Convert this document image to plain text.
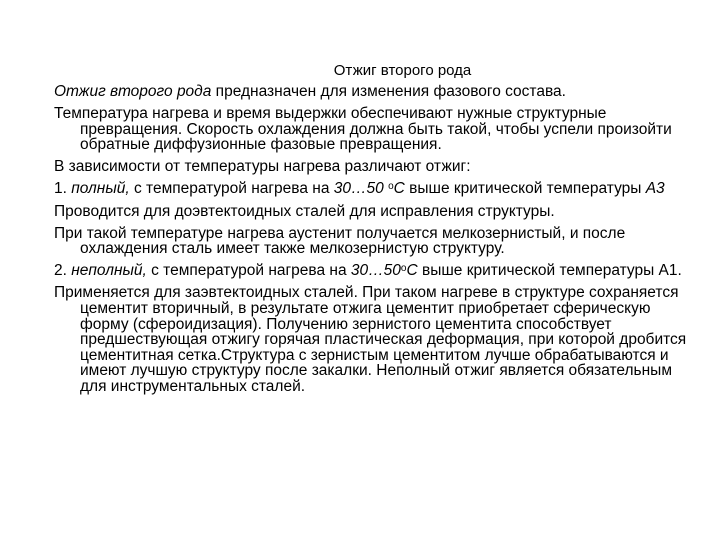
Отжиг второго рода

Отжиг второго рода предназначен для изменения фазового состава.

Температура нагрева и время выдержки обеспечивают нужные структурные превращения. Скорость охлаждения должна быть такой, чтобы успели произойти обратные диффузионные фазовые превращения.

В зависимости от температуры нагрева различают отжиг:

1. полный, с температурой нагрева на 30…50 $^о$С выше критической температуры А3

Проводится для доэвтектоидных сталей для исправления структуры.

При такой температуре нагрева аустенит получается мелкозернистый, и после охлаждения сталь имеет также мелкозернистую структуру.

2. неполный, с температурой нагрева на $30\dots 50^оС$ выше критической температуры А1.

Применяется для заэвтектоидных сталей. При таком нагреве в структуре сохраняется цементит вторичный, в результате отжига цементит приобретает сферическую форму (сфероидизация). Получению зернистого цементита способствует предшествующая отжигу горячая пластическая деформация, при которой дробится цементитная сетка.Структура с зернистым цементитом лучше обрабатываются и имеют лучшую структуру после закалки. Неполный отжиг является обязательным для инструментальных сталей.
